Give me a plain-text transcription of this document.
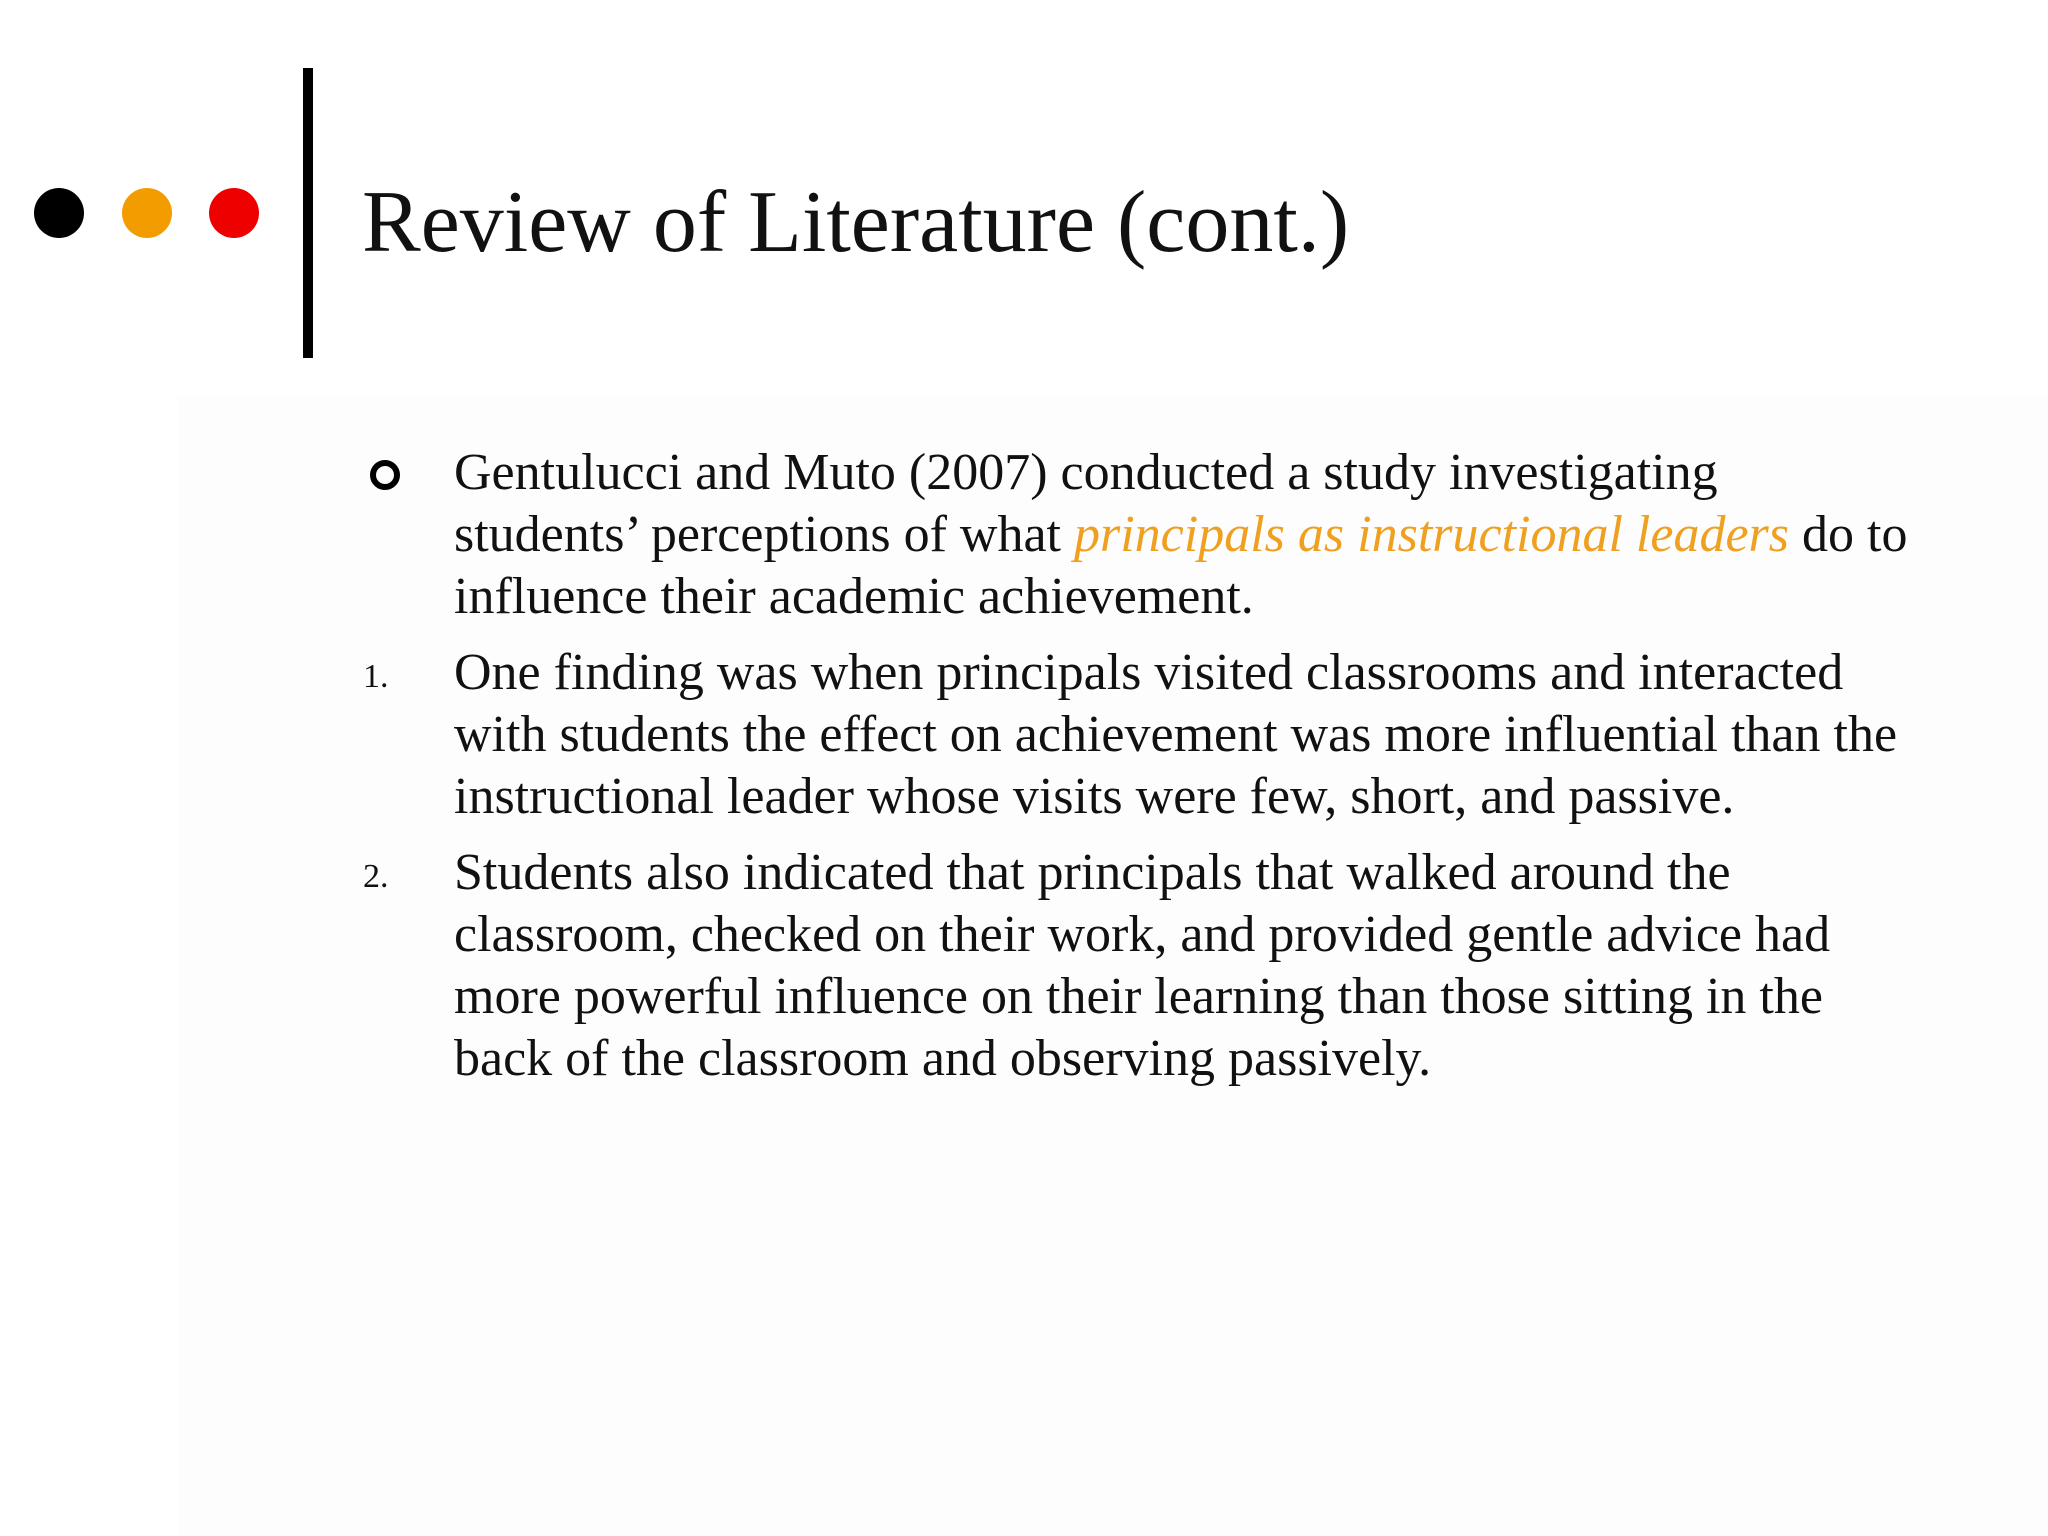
Review of Literature (cont.)

Gentulucci and Muto (2007) conducted a study investigating students’ perceptions of what principals as instructional leaders do to influence their academic achievement.

1. One finding was when principals visited classrooms and interacted with students the effect on achievement was more influential than the instructional leader whose visits were few, short, and passive.

2. Students also indicated that principals that walked around the classroom, checked on their work, and provided gentle advice had more powerful influence on their learning than those sitting in the back of the classroom and observing passively.
